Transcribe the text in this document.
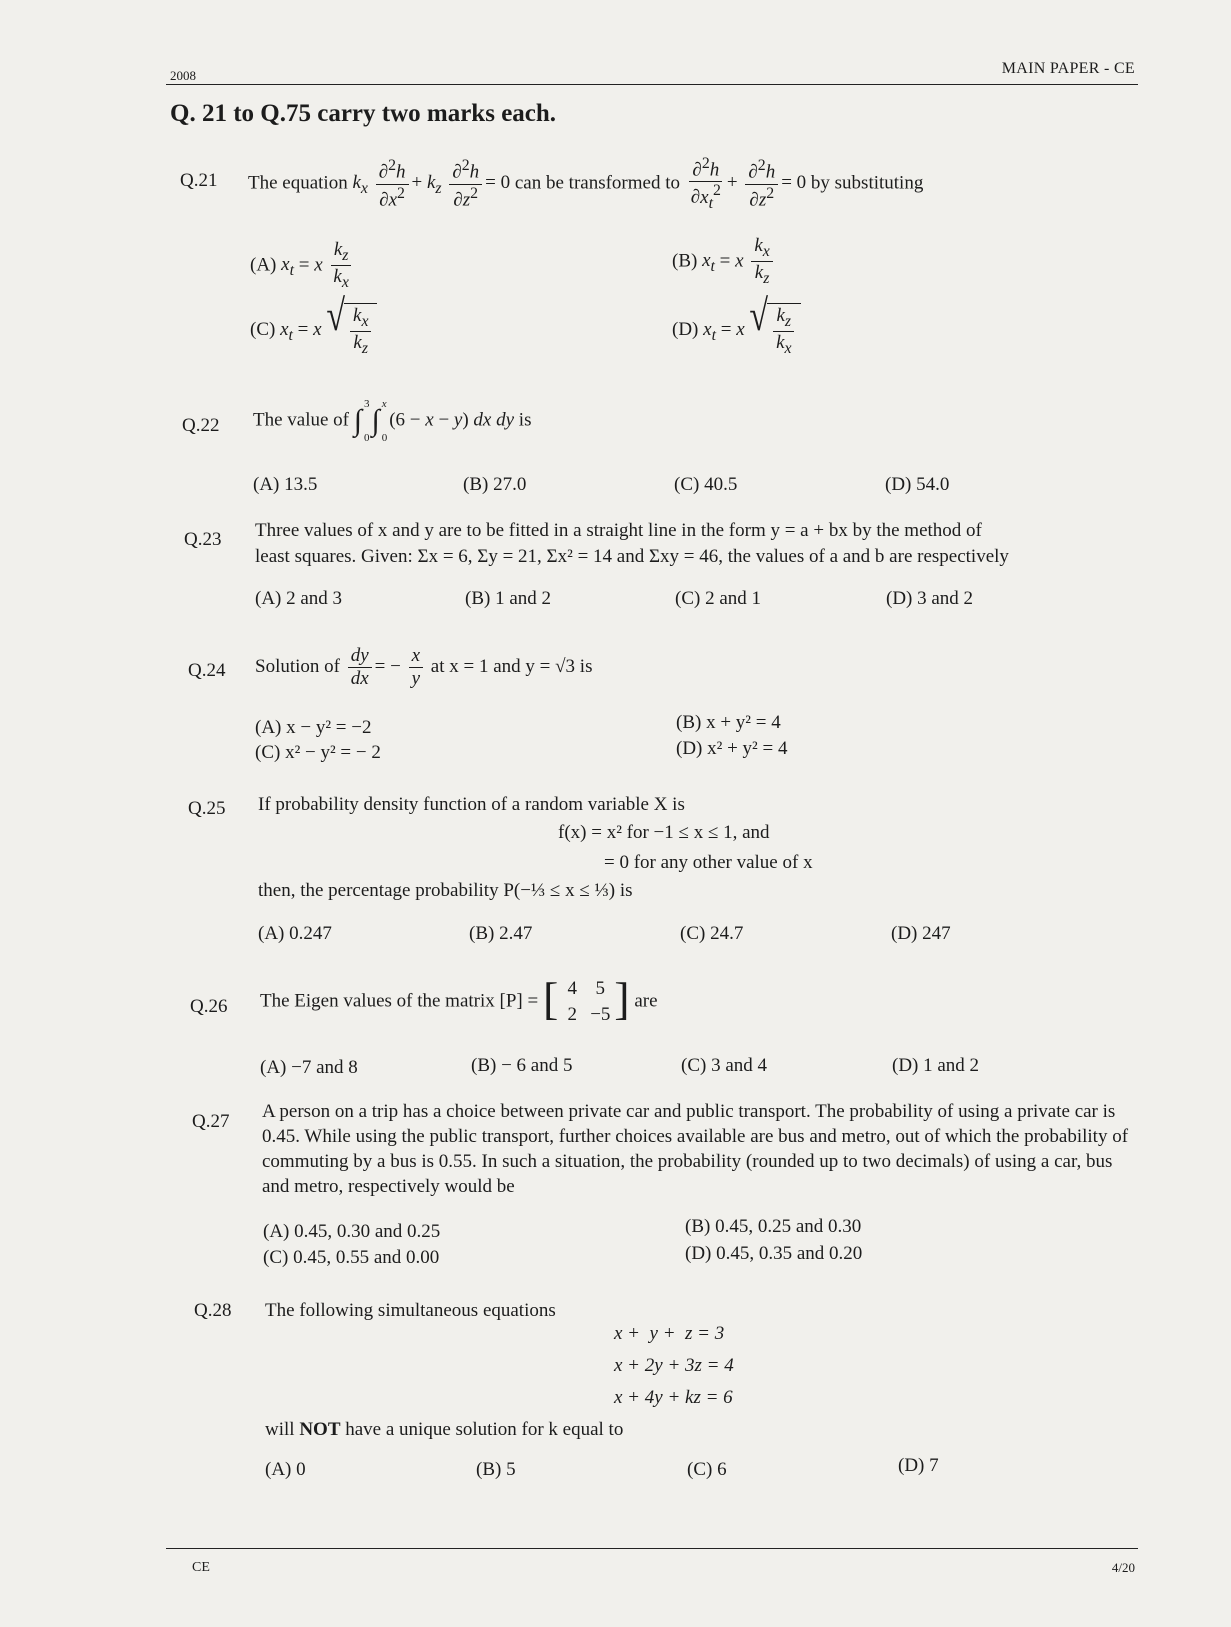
2008	MAIN PAPER - CE
Q. 21 to Q.75 carry two marks each.
Q.21 The equation $k_x \frac{\partial^2h}{\partial x^2} + k_z \frac{\partial^2h}{\partial z^2} = 0$ can be transformed to $\frac{\partial^2h}{\partial x_t^2} + \frac{\partial^2h}{\partial z^2} = 0$ by substituting
(A) $x_t = x \frac{k_z}{k_x}$	(B) $x_t = x \frac{k_x}{k_z}$
(C) $x_t = x$ √ $\frac{k_x}{k_z}$	(D) $x_t = x$ √ $\frac{k_z}{k_x}$
Q.22 The value of ∫ 3
0
∫ x
0
(6 − x − y) dx dy is
(A) 13.5	(B) 27.0	(C) 40.5	(D) 54.0
Q.23 Three values of x and y are to be fitted in a straight line in the form y = a + bx by the method of
least squares. Given: Σx = 6, Σy = 21, Σx² = 14 and Σxy = 46, the values of a and b are respectively
(A) 2 and 3	(B) 1 and 2	(C) 2 and 1	(D) 3 and 2
Q.24 Solution of $\frac{dy}{dx}$ = − $\frac{x}{y}$ at x = 1 and y = √3 is
(A) x − y² = −2	(B) x + y² = 4
(C) x² − y² = − 2	(D) x² + y² = 4
Q.25 If probability density function of a random variable X is
f(x) = x² for −1 ≤ x ≤ 1, and
= 0 for any other value of x
then, the percentage probability P(−⅓ ≤ x ≤ ⅓) is
(A) 0.247	(B) 2.47	(C) 24.7	(D) 247
Q.26 The Eigen values of the matrix [P] = [ 4 5
2 −5 ] are
(A) −7 and 8	(B) − 6 and 5	(C) 3 and 4	(D) 1 and 2
Q.27 A person on a trip has a choice between private car and public transport. The probability of using a private car is 0.45. While using the public transport, further choices available are bus and metro, out of which the probability of commuting by a bus is 0.55. In such a situation, the probability (rounded up to two decimals) of using a car, bus and metro, respectively would be
(A) 0.45, 0.30 and 0.25	(B) 0.45, 0.25 and 0.30
(C) 0.45, 0.55 and 0.00	(D) 0.45, 0.35 and 0.20
Q.28 The following simultaneous equations
x +  y +  z = 3
x + 2y + 3z = 4
x + 4y + kz = 6
will NOT have a unique solution for k equal to
(A) 0	(B) 5	(C) 6	(D) 7
CE	4/20
